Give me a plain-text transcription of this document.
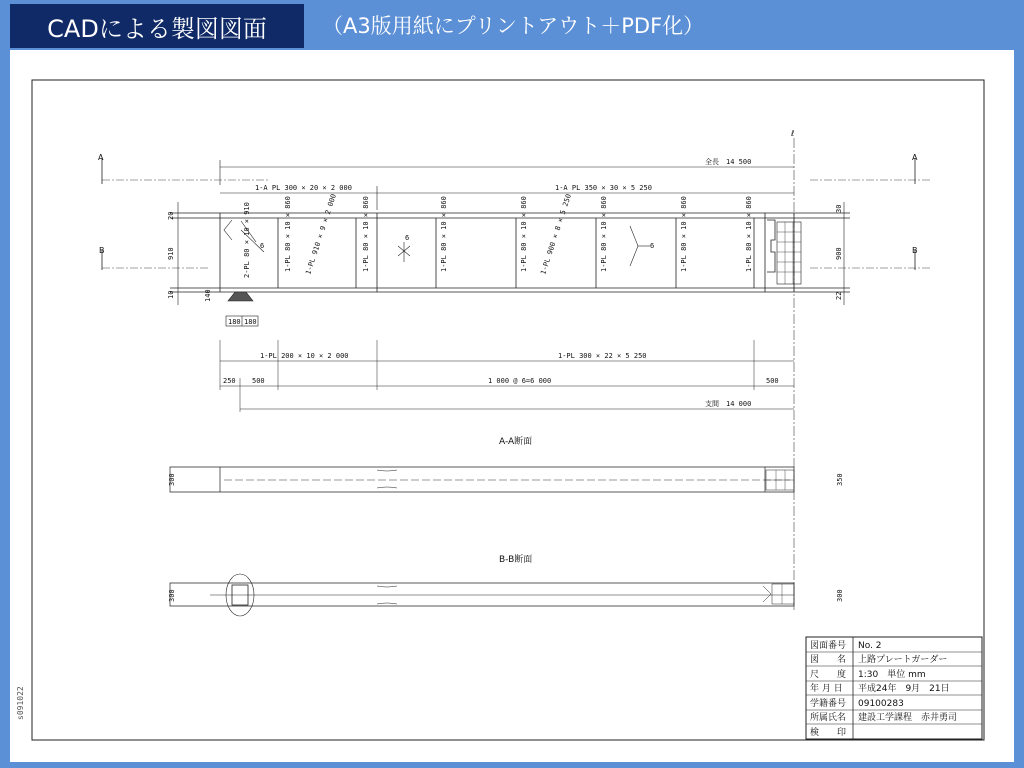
CADによる製図図面	（A3版用紙にプリントアウト＋PDF化）
ℓ
全長　14 500
A	A
B	B
1-A PL 300 × 20 × 2 000	1-A PL 350 × 30 × 5 250
6
6
6
2-PL 80 × 10 × 910	1-PL 80 × 10 × 860 1-PL 910 × 9 × 2 000	1-PL 80 × 10 × 860	1-PL 80 × 10 × 860	1-PL 80 × 10 × 860 1-PL 900 × 8 × 5 250	1-PL 80 × 10 × 860	1-PL 80 × 10 × 860	1-PL 80 × 10 × 860
20
910
10	140
30
900
22
180 180
1-PL 200 × 10 × 2 000	1-PL 300 × 22 × 5 250
250 500	1 000 @ 6=6 000	500
支間　14 000
A-A断面
300	350
B-B断面
300	300
図面番号 No. 2
図　　名 上路プレートガーダー
尺　　度 1:30　単位 mm
年 月 日 平成24年　9月　21日
学籍番号 09100283
所属氏名 建設工学課程　赤井勇司
検　　印
s091022
